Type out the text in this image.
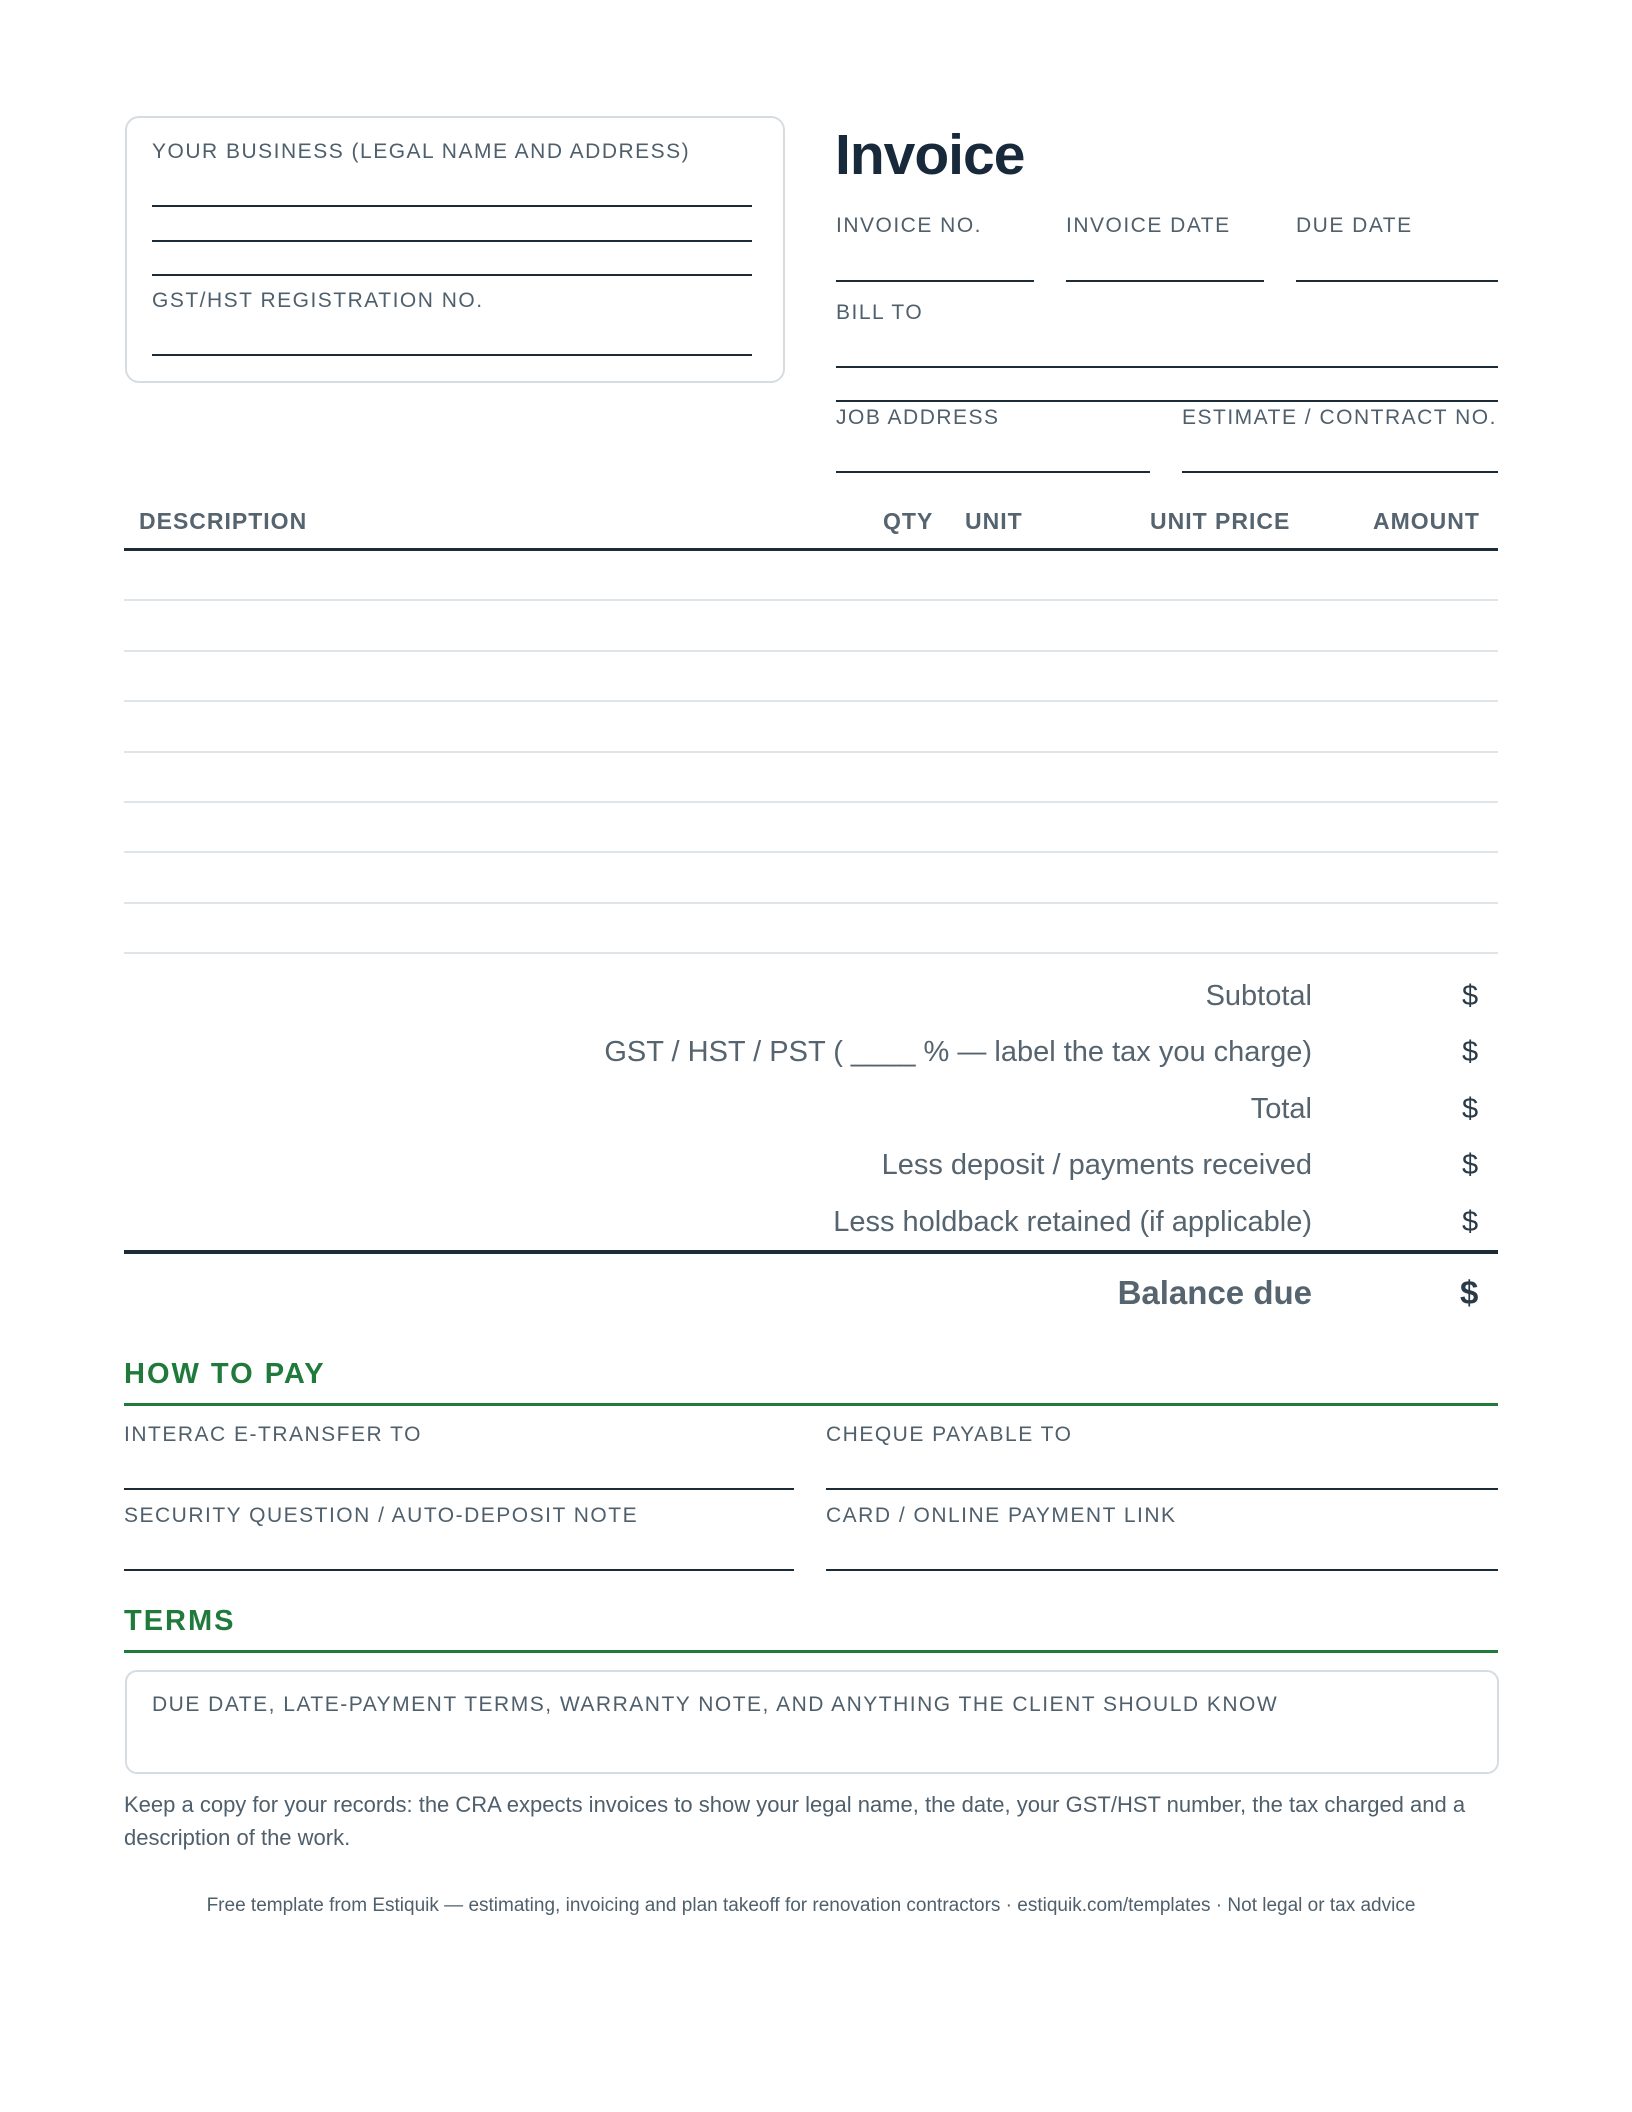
YOUR BUSINESS (LEGAL NAME AND ADDRESS)
GST/HST REGISTRATION NO.
Invoice
INVOICE NO.	INVOICE DATE	DUE DATE
BILL TO
JOB ADDRESS	ESTIMATE / CONTRACT NO.
DESCRIPTION	QTY UNIT	UNIT PRICE	AMOUNT
Subtotal	$
GST / HST / PST ( ____ % — label the tax you charge)	$
Total	$
Less deposit / payments received	$
Less holdback retained (if applicable)	$
Balance due	$
HOW TO PAY
INTERAC E-TRANSFER TO	CHEQUE PAYABLE TO
SECURITY QUESTION / AUTO-DEPOSIT NOTE	CARD / ONLINE PAYMENT LINK
TERMS
DUE DATE, LATE-PAYMENT TERMS, WARRANTY NOTE, AND ANYTHING THE CLIENT SHOULD KNOW
Keep a copy for your records: the CRA expects invoices to show your legal name, the date, your GST/HST number, the tax charged and a description of the work.
Free template from Estiquik — estimating, invoicing and plan takeoff for renovation contractors · estiquik.com/templates · Not legal or tax advice
